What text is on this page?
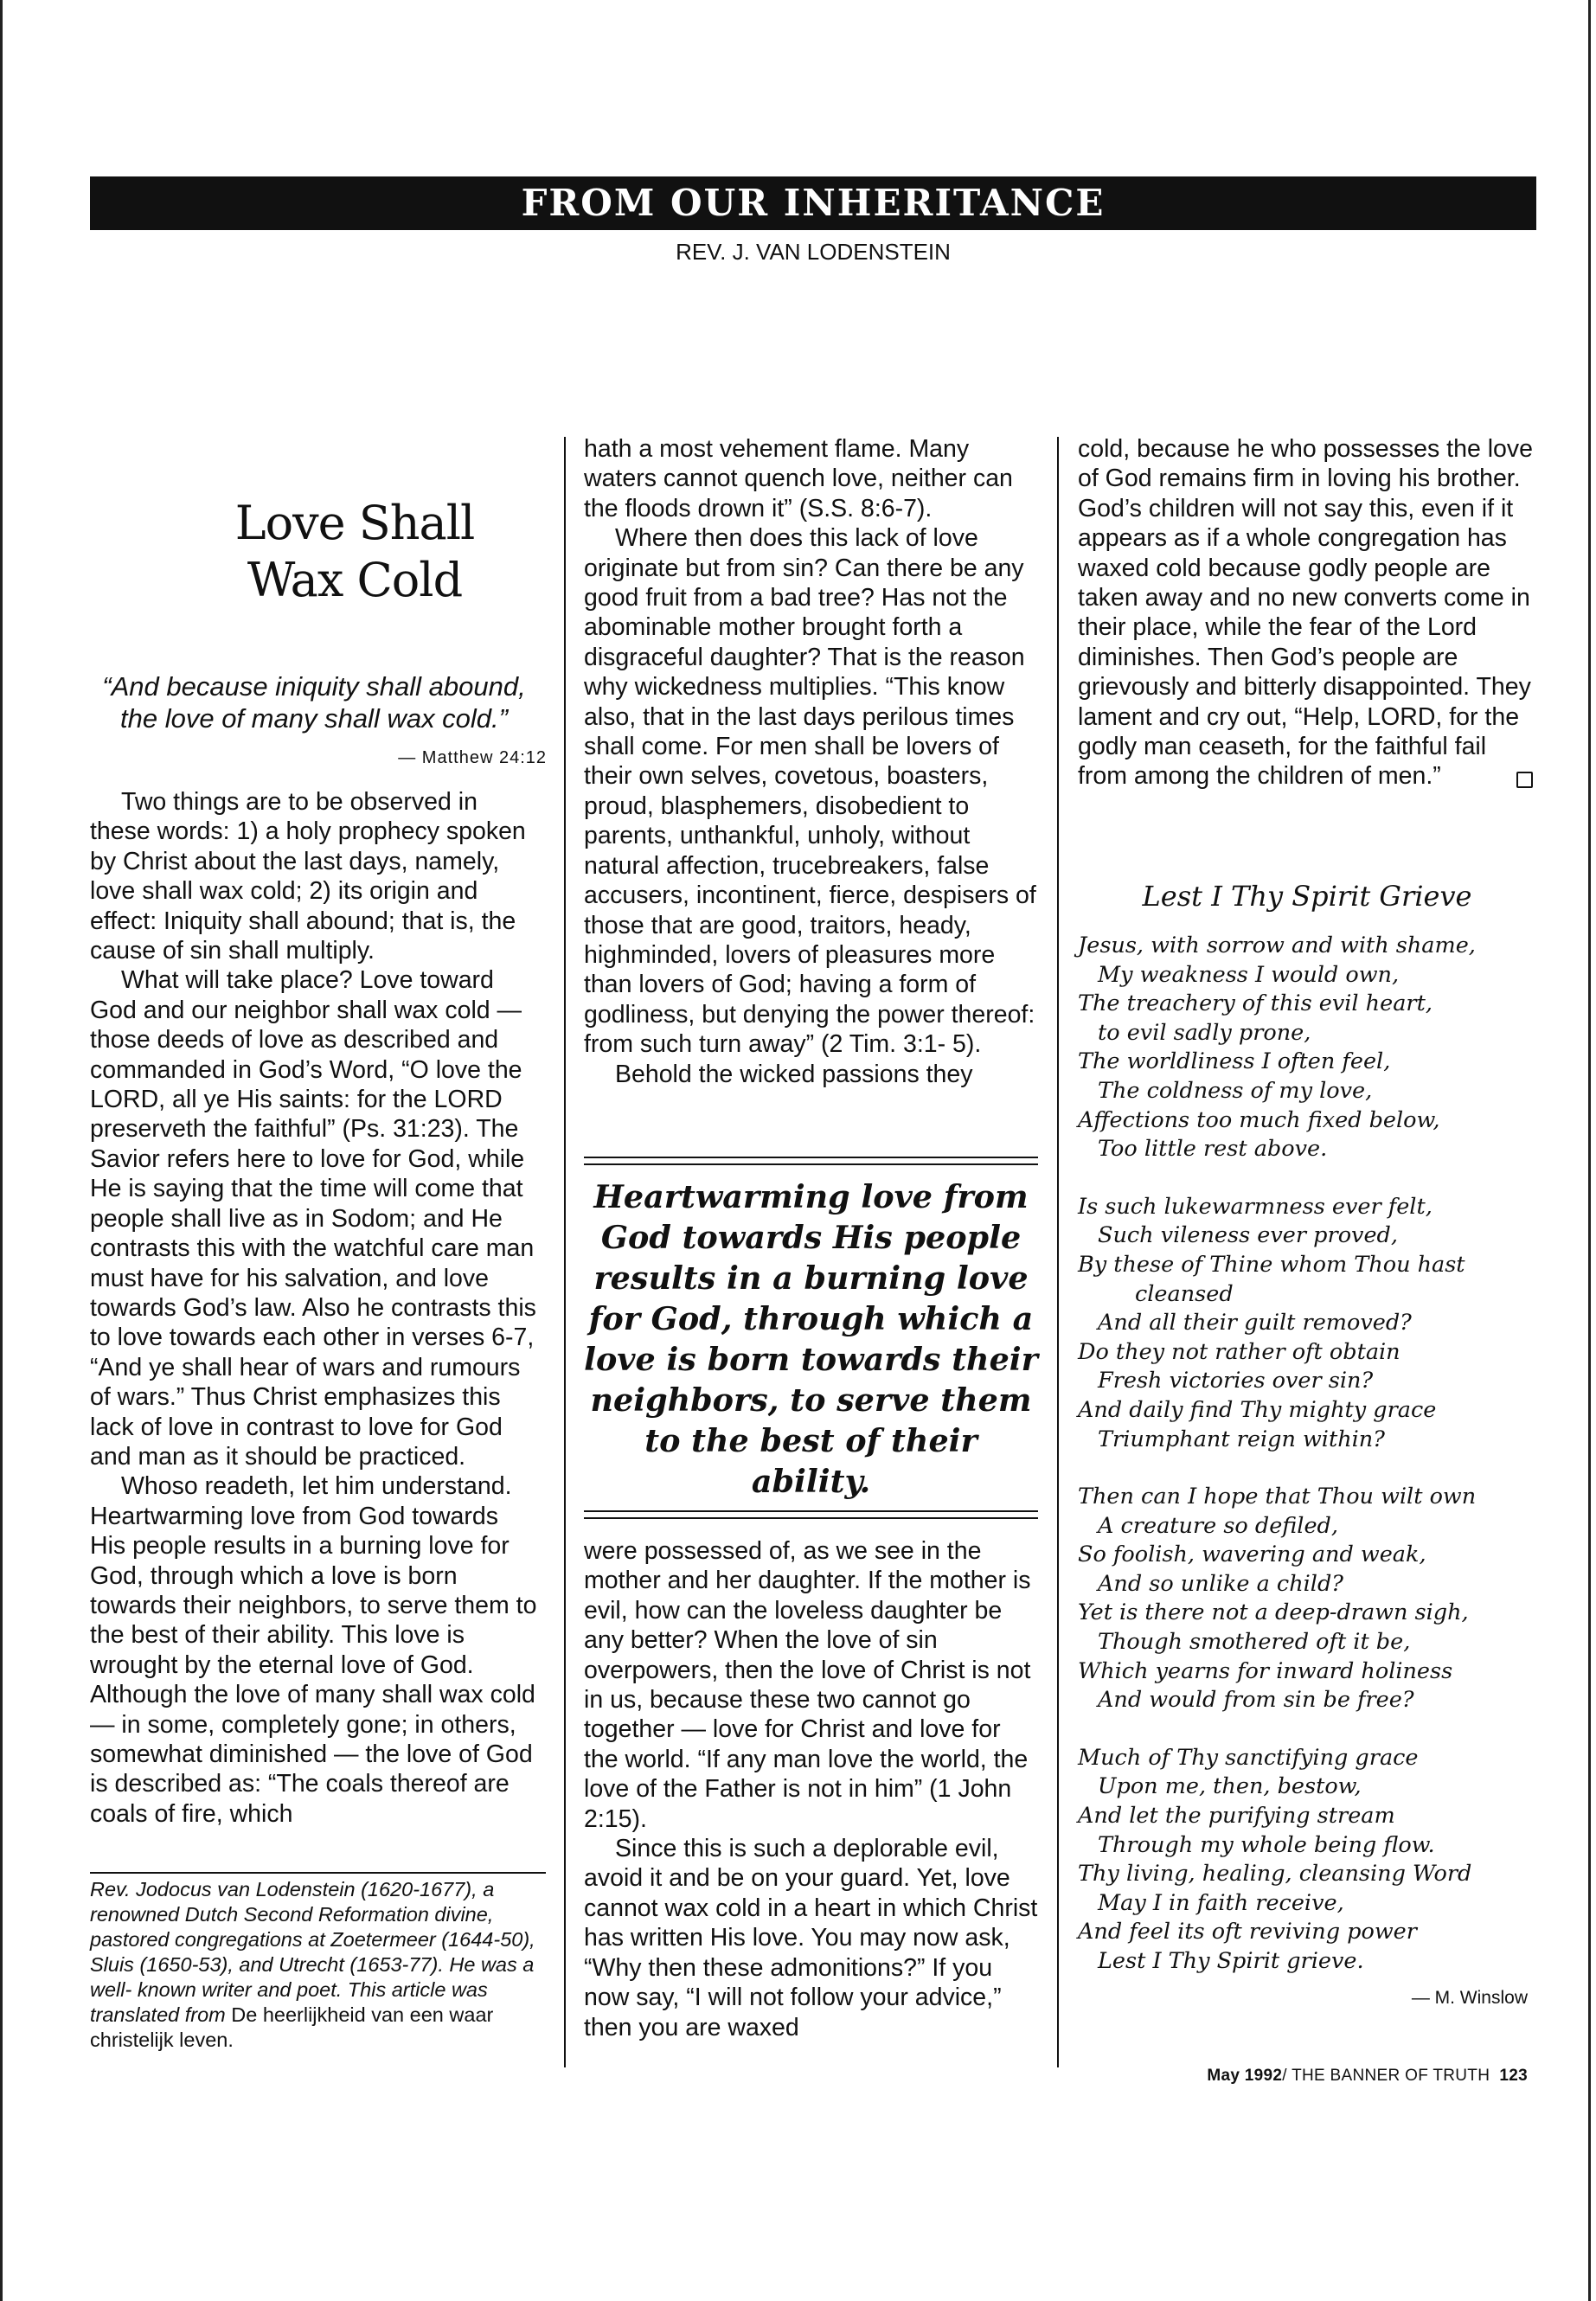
FROM OUR INHERITANCE
REV. J. VAN LODENSTEIN
Love Shall
Wax Cold
“And because iniquity shall abound,
the love of many shall wax cold.”
— Matthew 24:12

Two things are to be observed in these words: 1) a holy prophecy spoken by Christ about the last days, namely, love shall wax cold; 2) its origin and effect: Iniquity shall abound; that is, the cause of sin shall multiply.

What will take place? Love toward God and our neighbor shall wax cold — those deeds of love as described and commanded in God’s Word, “O love the LORD, all ye His saints: for the LORD preserveth the faithful” (Ps. 31:23). The Savior refers here to love for God, while He is saying that the time will come that people shall live as in Sodom; and He contrasts this with the watchful care man must have for his salvation, and love towards God’s law. Also he contrasts this to love towards each other in verses 6-7, “And ye shall hear of wars and rumours of wars.” Thus Christ emphasizes this lack of love in contrast to love for God and man as it should be practiced.

Whoso readeth, let him understand. Heartwarming love from God towards His people results in a burning love for God, through which a love is born towards their neighbors, to serve them to the best of their ability. This love is wrought by the eternal love of God. Although the love of many shall wax cold — in some, completely gone; in others, somewhat diminished — the love of God is described as: “The coals thereof are coals of fire, which

Rev. Jodocus van Lodenstein (1620-1677), a renowned Dutch Second Reformation divine, pastored congregations at Zoetermeer (1644-50), Sluis (1650-53), and Utrecht (1653-77). He was a well- known writer and poet. This article was translated from De heerlijkheid van een waar christelijk leven.

hath a most vehement flame. Many waters cannot quench love, neither can the floods drown it” (S.S. 8:6-7).

Where then does this lack of love originate but from sin? Can there be any good fruit from a bad tree? Has not the abominable mother brought forth a disgraceful daughter? That is the reason why wickedness multiplies. “This know also, that in the last days perilous times shall come. For men shall be lovers of their own selves, covetous, boasters, proud, blasphemers, disobedient to parents, unthankful, unholy, without natural affection, trucebreakers, false accusers, incontinent, fierce, despisers of those that are good, traitors, heady, highminded, lovers of pleasures more than lovers of God; having a form of godliness, but denying the power thereof: from such turn away” (2 Tim. 3:1- 5).

Behold the wicked passions they

Heartwarming love from God towards His people results in a burning love for God, through which a love is born towards their neighbors, to serve them to the best of their ability.

were possessed of, as we see in the mother and her daughter. If the mother is evil, how can the loveless daughter be any better? When the love of sin overpowers, then the love of Christ is not in us, because these two cannot go together — love for Christ and love for the world. “If any man love the world, the love of the Father is not in him” (1 John 2:15).

Since this is such a deplorable evil, avoid it and be on your guard. Yet, love cannot wax cold in a heart in which Christ has written His love. You may now ask, “Why then these admonitions?” If you now say, “I will not follow your advice,” then you are waxed

cold, because he who possesses the love of God remains firm in loving his brother. God’s children will not say this, even if it appears as if a whole congregation has waxed cold because godly people are taken away and no new converts come in their place, while the fear of the Lord diminishes. Then God’s people are grievously and bitterly disappointed. They lament and cry out, “Help, LORD, for the godly man ceaseth, for the faithful fail from among the children of men.”

Lest I Thy Spirit Grieve
Jesus, with sorrow and with shame,
My weakness I would own,
The treachery of this evil heart,
to evil sadly prone,
The worldliness I often feel,
The coldness of my love,
Affections too much fixed below,
Too little rest above.
Is such lukewarmness ever felt,
Such vileness ever proved,
By these of Thine whom Thou hast
cleansed
And all their guilt removed?
Do they not rather oft obtain
Fresh victories over sin?
And daily find Thy mighty grace
Triumphant reign within?
Then can I hope that Thou wilt own
A creature so defiled,
So foolish, wavering and weak,
And so unlike a child?
Yet is there not a deep-drawn sigh,
Though smothered oft it be,
Which yearns for inward holiness
And would from sin be free?
Much of Thy sanctifying grace
Upon me, then, bestow,
And let the purifying stream
Through my whole being flow.
Thy living, healing, cleansing Word
May I in faith receive,
And feel its oft reviving power
Lest I Thy Spirit grieve.
— M. Winslow
May 1992/ THE BANNER OF TRUTH 123
